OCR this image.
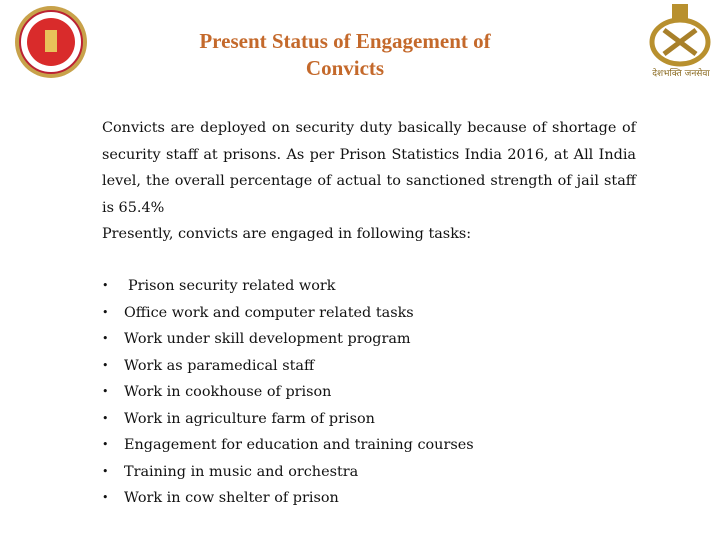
Present Status of Engagement of Convicts	देशभक्ति जनसेवा

Convicts are deployed on security duty basically because of shortage of security staff at prisons. As per Prison Statistics India 2016, at All India level, the overall percentage of actual to sanctioned strength of jail staff is 65.4%

Presently, convicts are engaged in following tasks:

•	Prison security related work
•	Office work and computer related tasks
•	Work under skill development program
•	Work as paramedical staff
•	Work in cookhouse of prison
•	Work in agriculture farm of prison
•	Engagement for education and training courses
•	Training in music and orchestra
•	Work in cow shelter of prison
